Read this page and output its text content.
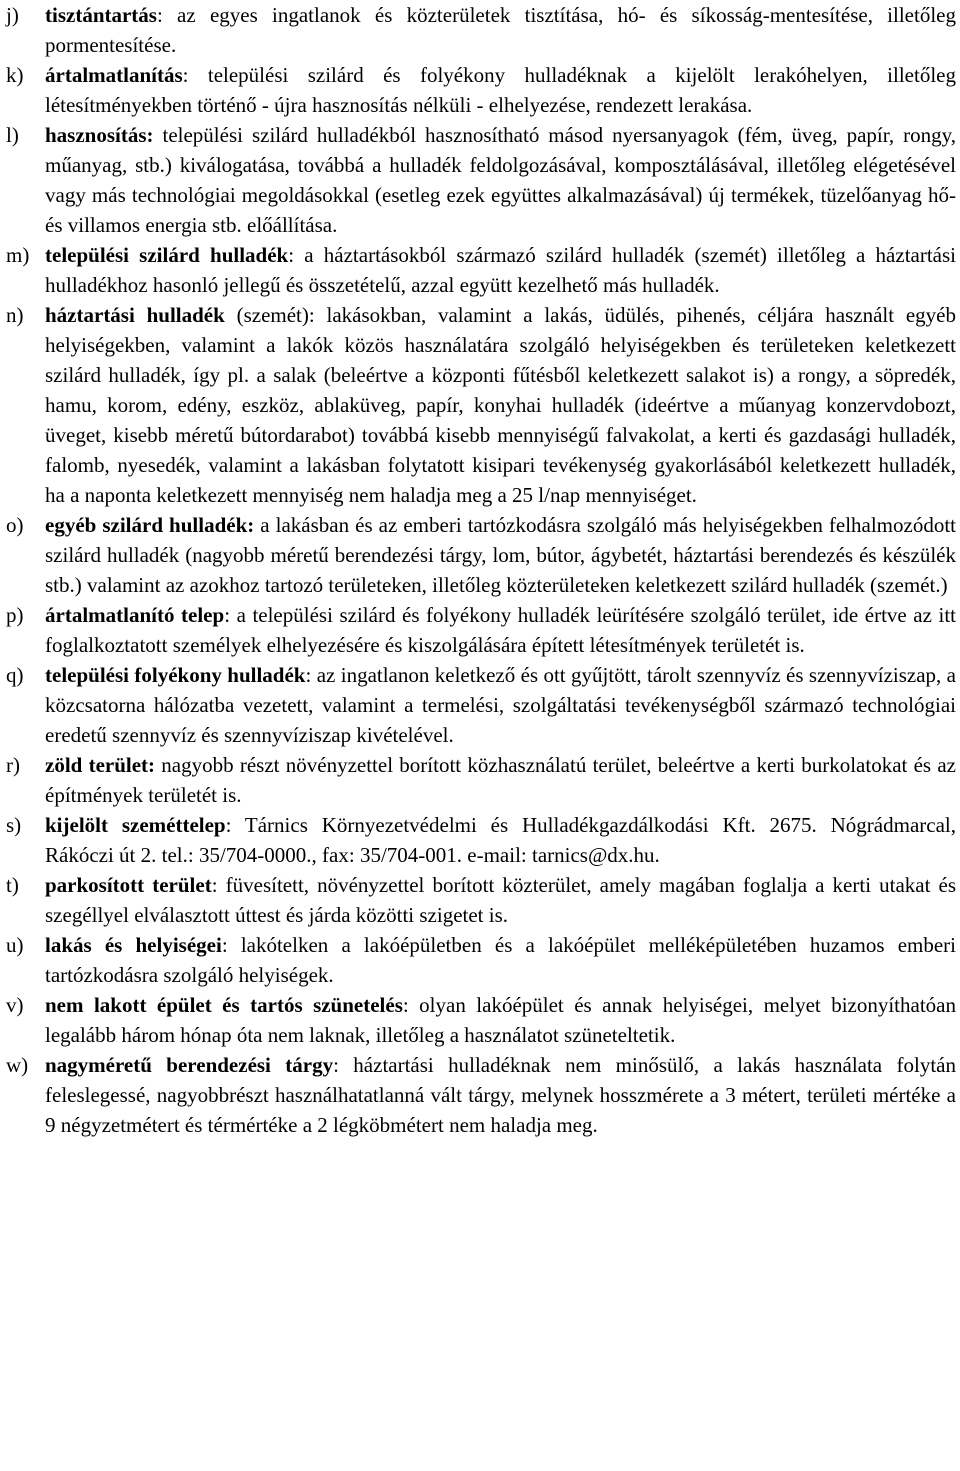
j) tisztántartás: az egyes ingatlanok és közterületek tisztítása, hó- és síkosság-mentesítése, illetőleg pormentesítése.
k) ártalmatlanítás: települési szilárd és folyékony hulladéknak a kijelölt lerakóhelyen, illetőleg létesítményekben történő - újra hasznosítás nélküli - elhelyezése, rendezett lerakása.
l) hasznosítás: települési szilárd hulladékból hasznosítható másod nyersanyagok (fém, üveg, papír, rongy, műanyag, stb.) kiválogatása, továbbá a hulladék feldolgozásával, komposztálásával, illetőleg elégetésével vagy más technológiai megoldásokkal (esetleg ezek együttes alkalmazásával) új termékek, tüzelőanyag hő- és villamos energia stb. előállítása.
m) települési szilárd hulladék: a háztartásokból származó szilárd hulladék (szemét) illetőleg a háztartási hulladékhoz hasonló jellegű és összetételű, azzal együtt kezelhető más hulladék.
n) háztartási hulladék (szemét): lakásokban, valamint a lakás, üdülés, pihenés, céljára használt egyéb helyiségekben, valamint a lakók közös használatára szolgáló helyiségekben és területeken keletkezett szilárd hulladék, így pl. a salak (beleértve a központi fűtésből keletkezett salakot is) a rongy, a söpredék, hamu, korom, edény, eszköz, ablaküveg, papír, konyhai hulladék (ideértve a műanyag konzervdobozt, üveget, kisebb méretű bútordarabot) továbbá kisebb mennyiségű falvakolat, a kerti és gazdasági hulladék, falomb, nyesedék, valamint a lakásban folytatott kisipari tevékenység gyakorlásából keletkezett hulladék, ha a naponta keletkezett mennyiség nem haladja meg a 25 l/nap mennyiséget.
o) egyéb szilárd hulladék: a lakásban és az emberi tartózkodásra szolgáló más helyiségekben felhalmozódott szilárd hulladék (nagyobb méretű berendezési tárgy, lom, bútor, ágybetét, háztartási berendezés és készülék stb.) valamint az azokhoz tartozó területeken, illetőleg közterületeken keletkezett szilárd hulladék (szemét.)
p) ártalmatlanító telep: a települési szilárd és folyékony hulladék leürítésére szolgáló terület, ide értve az itt foglalkoztatott személyek elhelyezésére és kiszolgálására épített létesítmények területét is.
q) települési folyékony hulladék: az ingatlanon keletkező és ott gyűjtött, tárolt szennyvíz és szennyvíziszap, a közcsatorna hálózatba vezetett, valamint a termelési, szolgáltatási tevékenységből származó technológiai eredetű szennyvíz és szennyvíziszap kivételével.
r) zöld terület: nagyobb részt növényzettel borított közhasználatú terület, beleértve a kerti burkolatokat és az építmények területét is.
s) kijelölt szeméttelep: Tárnics Környezetvédelmi és Hulladékgazdálkodási Kft. 2675. Nógrádmarcal, Rákóczi út 2. tel.: 35/704-0000., fax: 35/704-001. e-mail: tarnics@dx.hu.
t) parkosított terület: füvesített, növényzettel borított közterület, amely magában foglalja a kerti utakat és szegéllyel elválasztott úttest és járda közötti szigetet is.
u) lakás és helyiségei: lakótelken a lakóépületben és a lakóépület melléképületében huzamos emberi tartózkodásra szolgáló helyiségek.
v) nem lakott épület és tartós szünetelés: olyan lakóépület és annak helyiségei, melyet bizonyíthatóan legalább három hónap óta nem laknak, illetőleg a használatot szüneteltetik.
w) nagyméretű berendezési tárgy: háztartási hulladéknak nem minősülő, a lakás használata folytán feleslegessé, nagyobbrészt használhatatlanná vált tárgy, melynek hosszmérete a 3 métert, területi mértéke a 9 négyzetmétert és térmértéke a 2 légköbmétert nem haladja meg.
